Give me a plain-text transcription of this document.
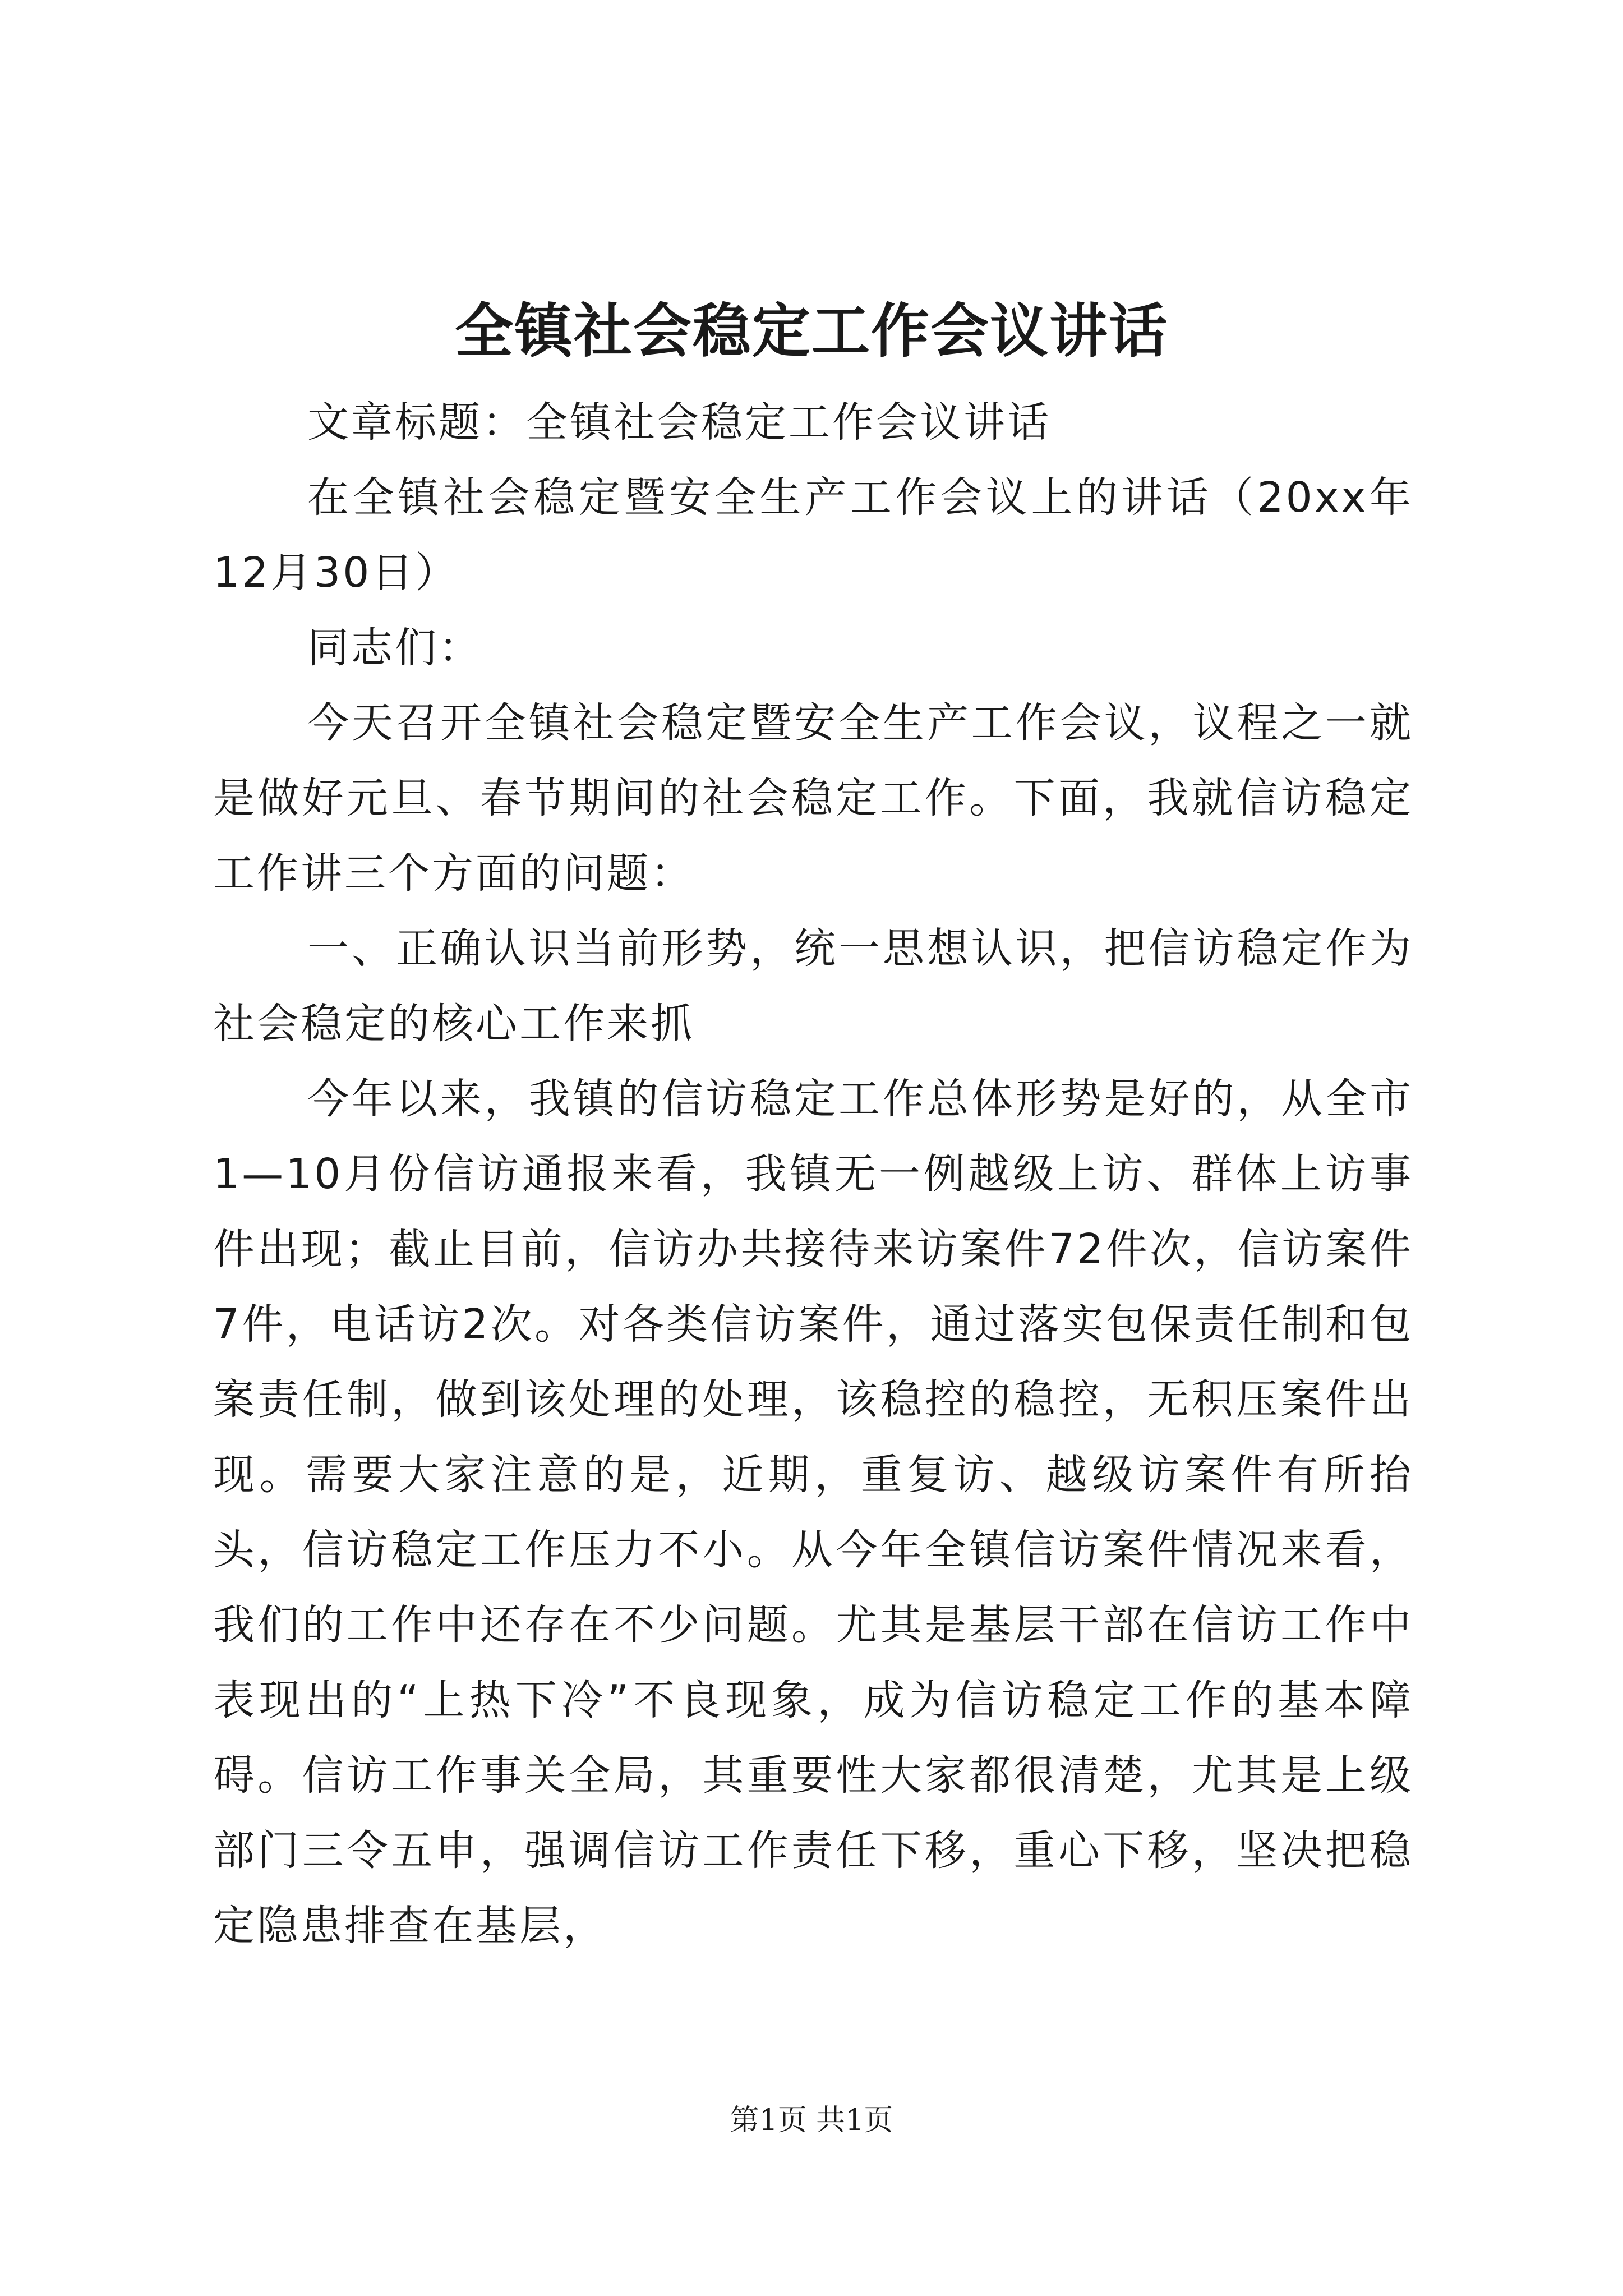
全镇社会稳定工作会议讲话

文章标题：全镇社会稳定工作会议讲话

在全镇社会稳定暨安全生产工作会议上的讲话（20xx年12月30日）

同志们：

今天召开全镇社会稳定暨安全生产工作会议，议程之一就是做好元旦、春节期间的社会稳定工作。下面，我就信访稳定工作讲三个方面的问题：

一、正确认识当前形势，统一思想认识，把信访稳定作为社会稳定的核心工作来抓

今年以来，我镇的信访稳定工作总体形势是好的，从全市1—10月份信访通报来看，我镇无一例越级上访、群体上访事件出现；截止目前，信访办共接待来访案件72件次，信访案件7件，电话访2次。对各类信访案件，通过落实包保责任制和包案责任制，做到该处理的处理，该稳控的稳控，无积压案件出现。需要大家注意的是，近期，重复访、越级访案件有所抬头，信访稳定工作压力不小。从今年全镇信访案件情况来看，我们的工作中还存在不少问题。尤其是基层干部在信访工作中表现出的“上热下冷”不良现象，成为信访稳定工作的基本障碍。信访工作事关全局，其重要性大家都很清楚，尤其是上级部门三令五申，强调信访工作责任下移，重心下移，坚决把稳定隐患排查在基层，

第1页 共1页
